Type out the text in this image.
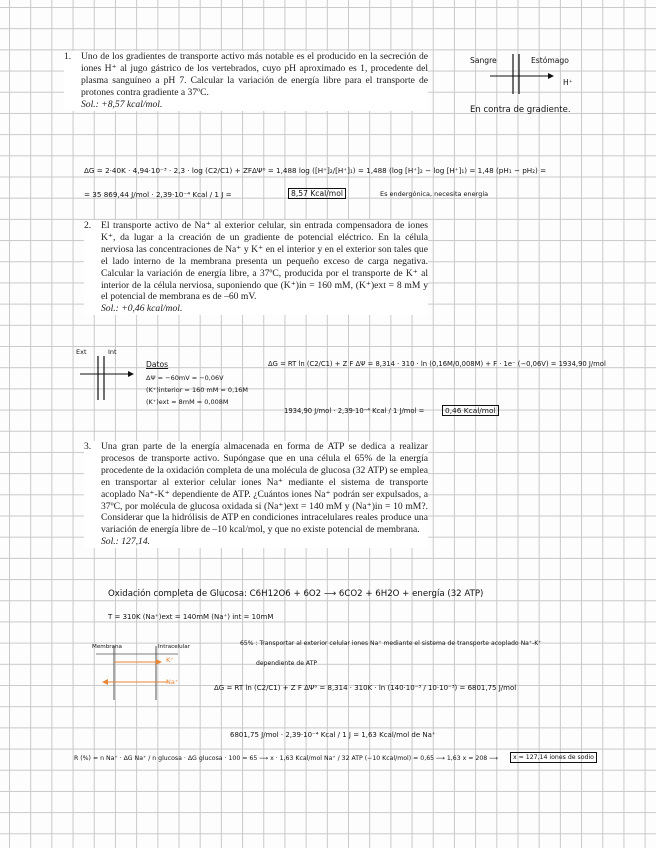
1. Uno de los gradientes de transporte activo más notable es el producido en la secreción de iones H⁺ al jugo gástrico de los vertebrados, cuyo pH aproximado es 1, procedente del plasma sanguíneo a pH 7. Calcular la variación de energía libre para el transporte de protones contra gradiente a 37ºC.
Sol.: +8,57 kcal/mol.
Sangre	Estómago
H⁺
En contra de gradiente.
ΔG = 2·40K · 4,94·10⁻³ · 2,3 · log (C2/C1) + ZFΔΨ⁰ = 1,488 log ([H⁺]₂/[H⁺]₁) = 1,488 (log [H⁺]₂ − log [H⁺]₁) = 1,48 (pH₁ − pH₂) =
= 35 869,44 J/mol · 2,39·10⁻⁴ Kcal / 1 J =	8,57 Kcal/mol	Es endergónica, necesita energía
2. El transporte activo de Na⁺ al exterior celular, sin entrada compensadora de iones K⁺, da lugar a la creación de un gradiente de potencial eléctrico. En la célula nerviosa las concentraciones de Na⁺ y K⁺ en el interior y en el exterior son tales que el lado interno de la membrana presenta un pequeño exceso de carga negativa. Calcular la variación de energía libre, a 37ºC, producida por el transporte de K⁺ al interior de la célula nerviosa, suponiendo que (K⁺)in = 160 mM, (K⁺)ext = 8 mM y el potencial de membrana es de –60 mV.
Sol.: +0,46 kcal/mol.
Ext	Int
Datos
ΔΨ = −60mV = −0,06V
(K⁺)interior = 160 mM = 0,16M
(K⁺)ext = 8mM = 0,008M
ΔG = RT ln (C2/C1) + Z F ΔΨ = 8,314 · 310 · ln (0,16M/0,008M) + F · 1e⁻ (−0,06V) = 1934,90 J/mol
1934,90 J/mol · 2,39·10⁻⁴ Kcal / 1 J/mol =	0,46 Kcal/mol
3. Una gran parte de la energía almacenada en forma de ATP se dedica a realizar procesos de transporte activo. Supóngase que en una célula el 65% de la energía procedente de la oxidación completa de una molécula de glucosa (32 ATP) se emplea en transportar al exterior celular iones Na⁺ mediante el sistema de transporte acoplado Na⁺-K⁺ dependiente de ATP. ¿Cuántos iones Na⁺ podrán ser expulsados, a 37ºC, por molécula de glucosa oxidada si (Na⁺)ext = 140 mM y (Na⁺)in = 10 mM?. Considerar que la hidrólisis de ATP en condiciones intracelulares reales produce una variación de energía libre de –10 kcal/mol, y que no existe potencial de membrana.
Sol.: 127,14.
Oxidación completa de Glucosa: C6H12O6 + 6O2 ⟶ 6CO2 + 6H2O + energía (32 ATP)
T = 310K (Na⁺)ext = 140mM (Na⁺) int = 10mM
Membrana	Intracelular
K⁺
Na⁺
65% : Transportar al exterior celular iones Na⁺ mediante el sistema de transporte acoplado Na⁺-K⁺
dependiente de ATP
ΔG = RT ln (C2/C1) + Z F ΔΨ⁰ = 8,314 · 310K · ln (140·10⁻³ / 10·10⁻³) = 6801,75 J/mol
6801,75 J/mol · 2,39·10⁻⁴ Kcal / 1 J = 1,63 Kcal/mol de Na⁺
R (%) = n Na⁺ · ΔG Na⁺ / n glucosa · ΔG glucosa · 100 = 65 ⟶ x · 1,63 Kcal/mol Na⁺ / 32 ATP (−10 Kcal/mol) = 0,65 ⟶ 1,63 x = 208 ⟶	x = 127,14 iones de sodio
